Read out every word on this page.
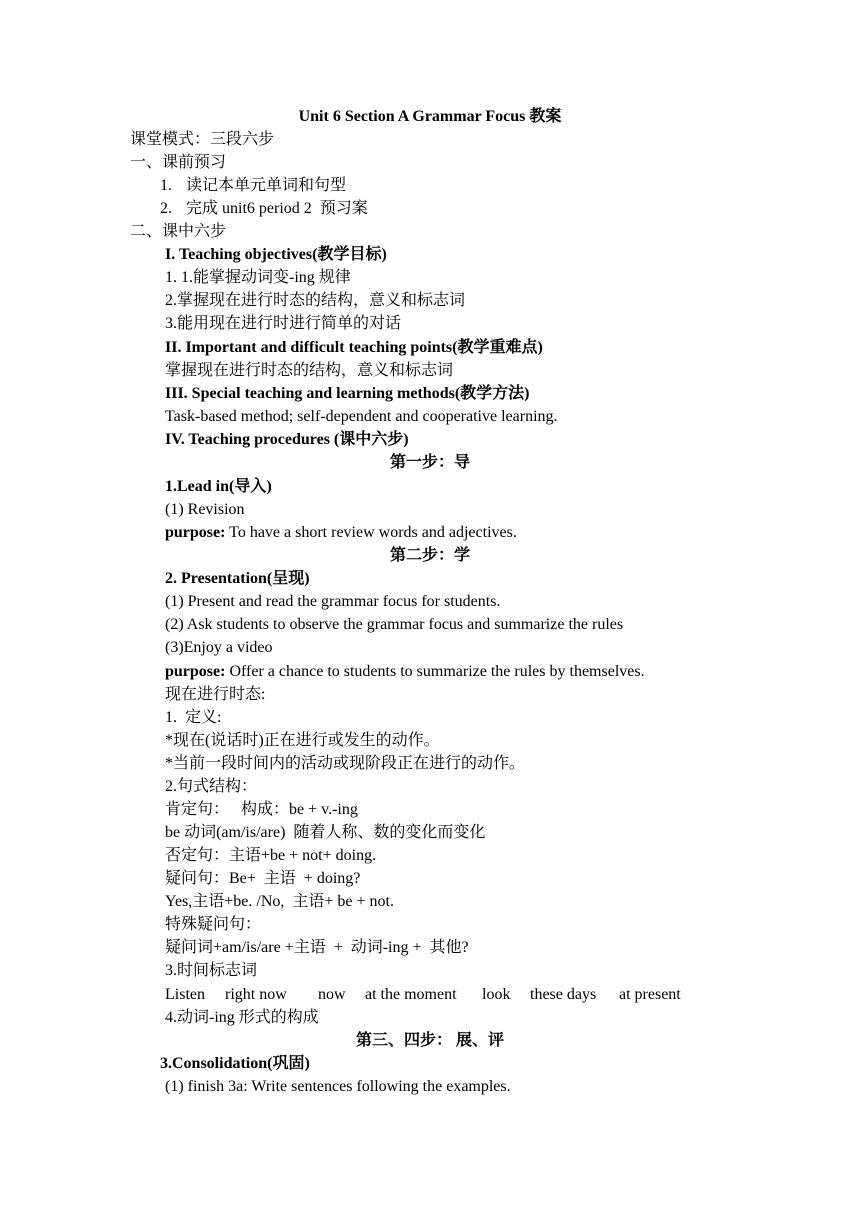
Unit 6 Section A Grammar Focus 教案
课堂模式：三段六步
一、课前预习
1. 读记本单元单词和句型
2. 完成 unit6 period 2  预习案
二、课中六步
I. Teaching objectives(教学目标)
1. 1.能掌握动词变-ing 规律
2.掌握现在进行时态的结构，意义和标志词
3.能用现在进行时进行简单的对话
II. Important and difficult teaching points(教学重难点)
掌握现在进行时态的结构，意义和标志词
III. Special teaching and learning methods(教学方法)
Task-based method; self-dependent and cooperative learning.
IV. Teaching procedures (课中六步)
第一步：导
1.Lead in(导入)
(1) Revision
purpose: To have a short review words and adjectives.
第二步：学
2. Presentation(呈现)
(1) Present and read the grammar focus for students.
(2) Ask students to observe the grammar focus and summarize the rules
(3)Enjoy a video
purpose: Offer a chance to students to summarize the rules by themselves.
现在进行时态:
1.  定义:
*现在(说话时)正在进行或发生的动作。
*当前一段时间内的活动或现阶段正在进行的动作。
2.句式结构：
肯定句：   构成：be + v.-ing
be 动词(am/is/are)  随着人称、数的变化而变化
否定句：主语+be + not+ doing.
疑问句：Be+  主语  + doing?
Yes,主语+be. /No,  主语+ be + not.
特殊疑问句：
疑问词+am/is/are +主语  +  动词-ing +  其他?
3.时间标志词

Listen

right now

now

at the moment

look

these days

at present

4.动词-ing 形式的构成
第三、四步： 展、评
3.Consolidation(巩固)
(1) finish 3a: Write sentences following the examples.
